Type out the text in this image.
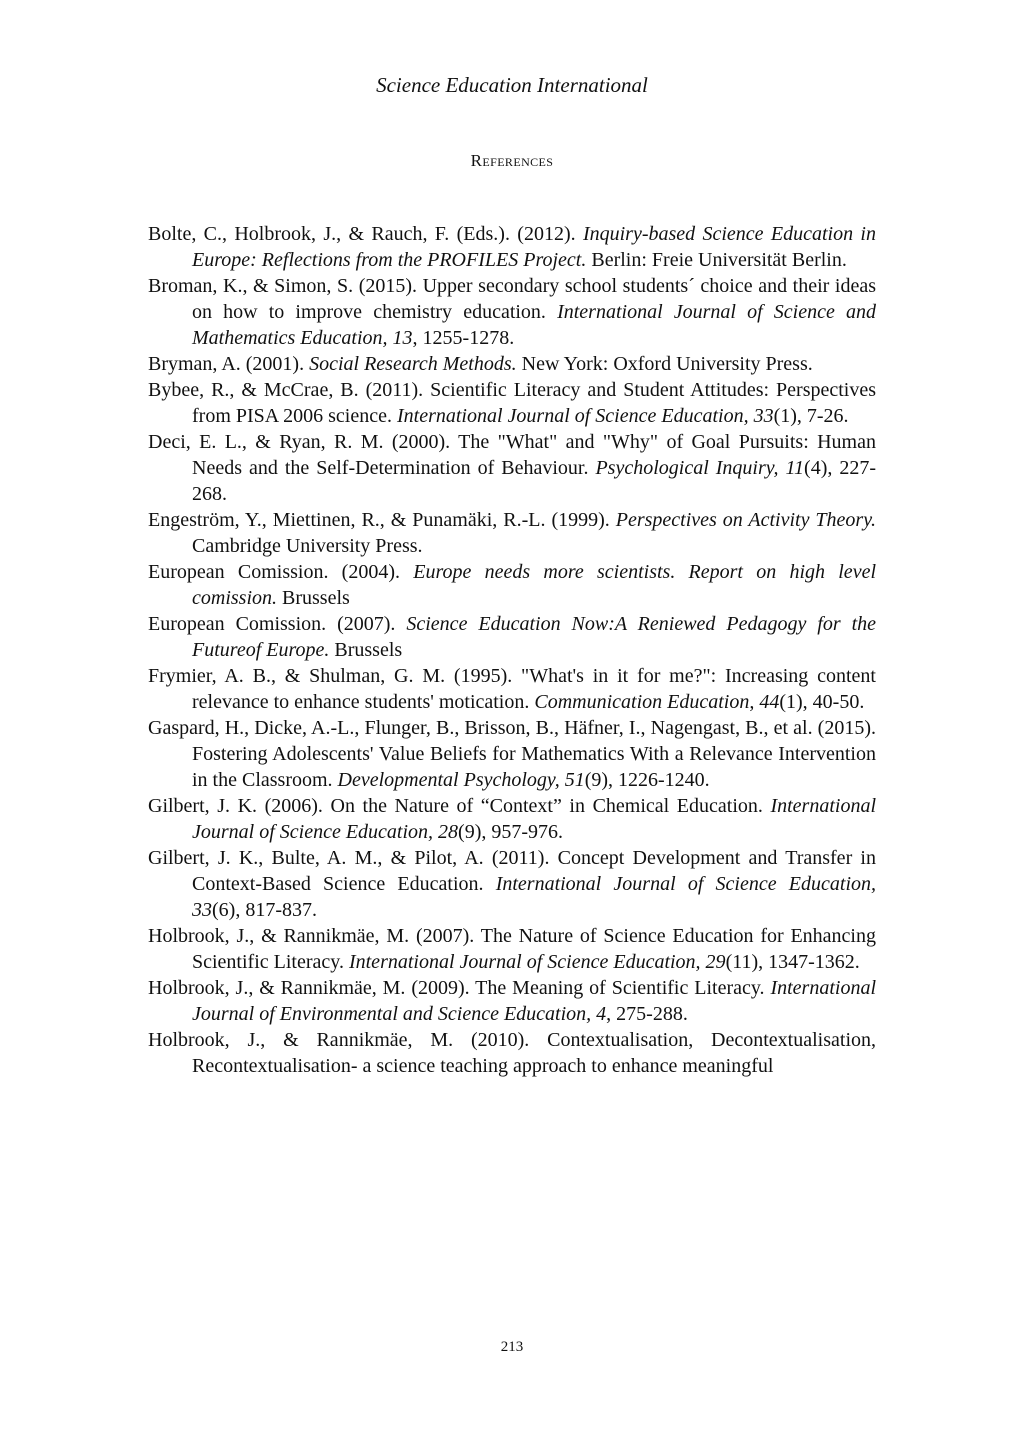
Science Education International
References
Bolte, C., Holbrook, J., & Rauch, F. (Eds.). (2012). Inquiry-based Science Education in Europe: Reflections from the PROFILES Project. Berlin: Freie Universität Berlin.
Broman, K., & Simon, S. (2015). Upper secondary school students´ choice and their ideas on how to improve chemistry education. International Journal of Science and Mathematics Education, 13, 1255-1278.
Bryman, A. (2001). Social Research Methods. New York: Oxford University Press.
Bybee, R., & McCrae, B. (2011). Scientific Literacy and Student Attitudes: Perspectives from PISA 2006 science. International Journal of Science Education, 33(1), 7-26.
Deci, E. L., & Ryan, R. M. (2000). The "What" and "Why" of Goal Pursuits: Human Needs and the Self-Determination of Behaviour. Psychological Inquiry, 11(4), 227-268.
Engeström, Y., Miettinen, R., & Punamäki, R.-L. (1999). Perspectives on Activity Theory. Cambridge University Press.
European Comission. (2004). Europe needs more scientists. Report on high level comission. Brussels
European Comission. (2007). Science Education Now:A Reniewed Pedagogy for the Futureof Europe. Brussels
Frymier, A. B., & Shulman, G. M. (1995). "What's in it for me?": Increasing content relevance to enhance students' motication. Communication Education, 44(1), 40-50.
Gaspard, H., Dicke, A.-L., Flunger, B., Brisson, B., Häfner, I., Nagengast, B., et al. (2015). Fostering Adolescents' Value Beliefs for Mathematics With a Relevance Intervention in the Classroom. Developmental Psychology, 51(9), 1226-1240.
Gilbert, J. K. (2006). On the Nature of “Context” in Chemical Education. International Journal of Science Education, 28(9), 957-976.
Gilbert, J. K., Bulte, A. M., & Pilot, A. (2011). Concept Development and Transfer in Context-Based Science Education. International Journal of Science Education, 33(6), 817-837.
Holbrook, J., & Rannikmäe, M. (2007). The Nature of Science Education for Enhancing Scientific Literacy. International Journal of Science Education, 29(11), 1347-1362.
Holbrook, J., & Rannikmäe, M. (2009). The Meaning of Scientific Literacy. International Journal of Environmental and Science Education, 4, 275-288.
Holbrook, J., & Rannikmäe, M. (2010). Contextualisation, Decontextualisation, Recontextualisation- a science teaching approach to enhance meaningful
213
